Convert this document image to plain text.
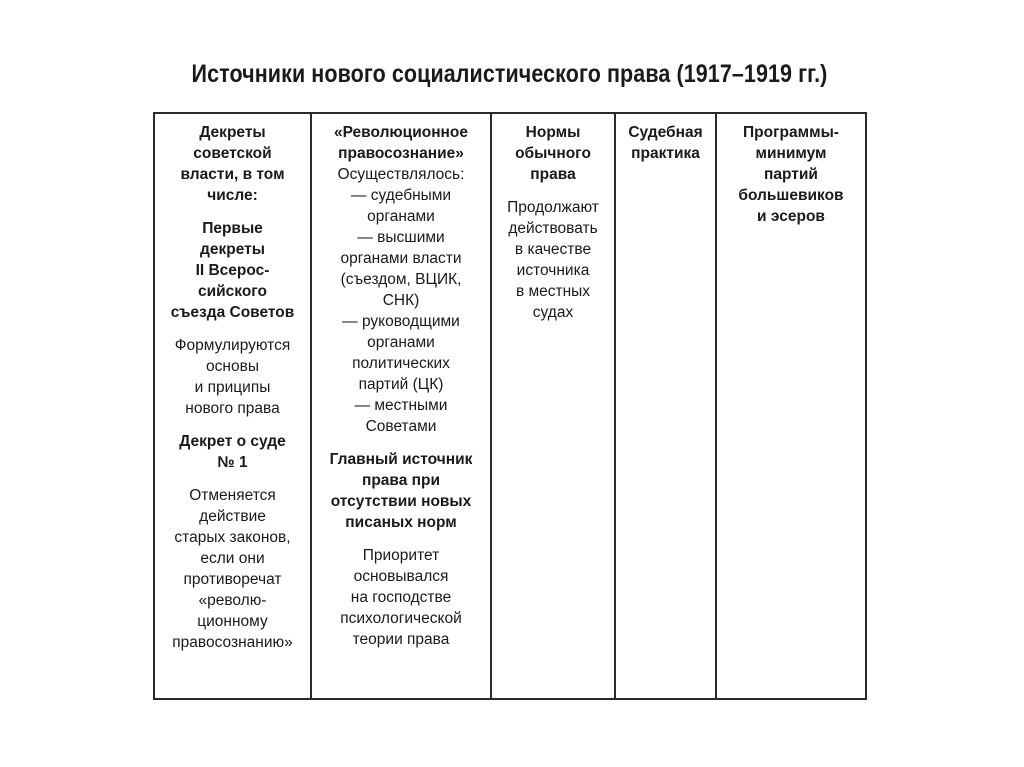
Источники нового социалистического права (1917–1919 гг.)
Декреты
советской
власти, в том
числе:
Первые
декреты
II Всерос-
сийского
съезда Советов
Формулируются
основы
и приципы
нового права
Декрет о суде
№ 1
Отменяется
действие
старых законов,
если они
противоречат
«револю-
ционному
правосознанию»
«Революционное
правосознание»
Осуществлялось:
— судебными
органами
— высшими
органами власти
(съездом, ВЦИК,
СНК)
— руководщими
органами
политических
партий (ЦК)
— местными
Советами
Главный источник
права при
отсутствии новых
писаных норм
Приоритет
основывался
на господстве
психологической
теории права
Нормы
обычного
права
Продолжают
действовать
в качестве
источника
в местных
судах
Судебная
практика
Программы-
минимум
партий
большевиков
и эсеров
